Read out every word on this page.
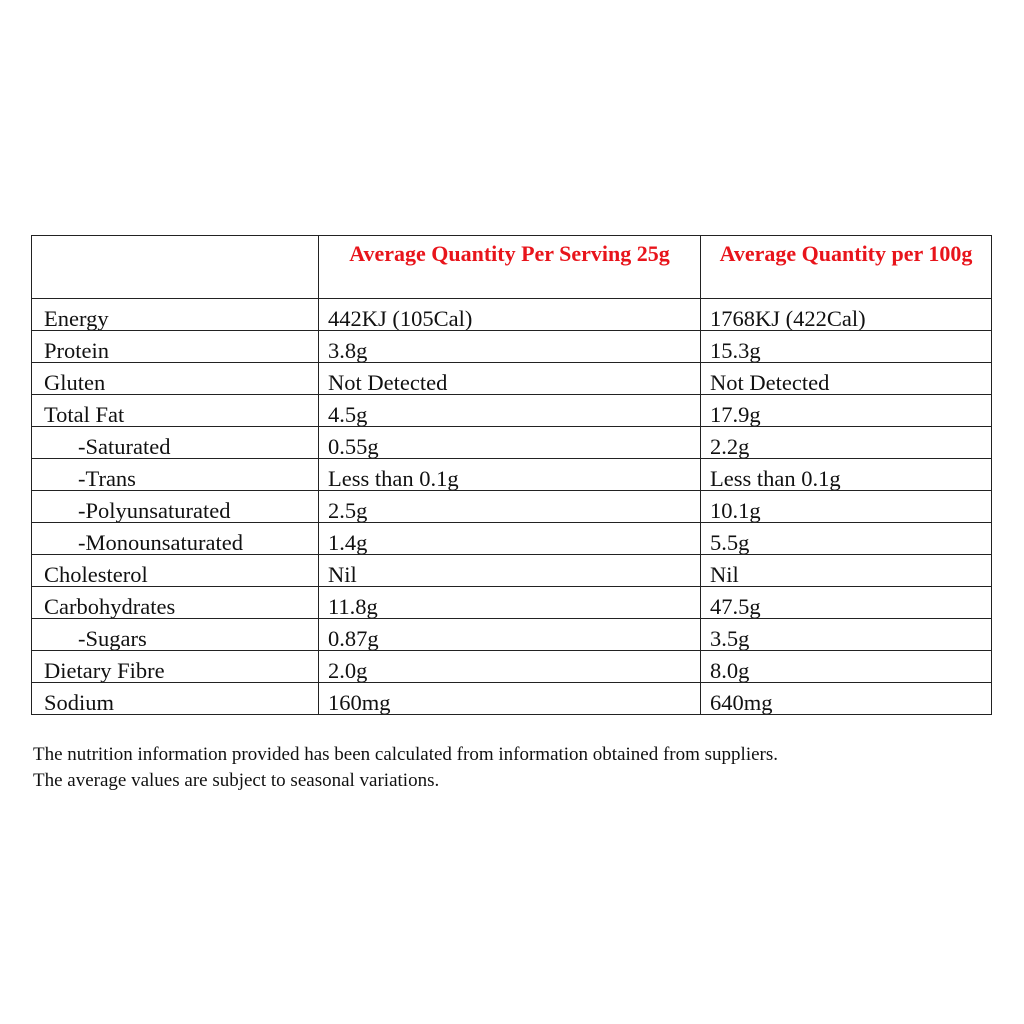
	Average Quantity Per Serving 25g	Average Quantity per 100g
Energy	442KJ (105Cal)	1768KJ (422Cal)
Protein	3.8g	15.3g
Gluten	Not Detected	Not Detected
Total Fat	4.5g	17.9g
-Saturated	0.55g	2.2g
-Trans	Less than 0.1g	Less than 0.1g
-Polyunsaturated	2.5g	10.1g
-Monounsaturated	1.4g	5.5g
Cholesterol	Nil	Nil
Carbohydrates	11.8g	47.5g
-Sugars	0.87g	3.5g
Dietary Fibre	2.0g	8.0g
Sodium	160mg	640mg

The nutrition information provided has been calculated from information obtained from suppliers.

The average values are subject to seasonal variations.
